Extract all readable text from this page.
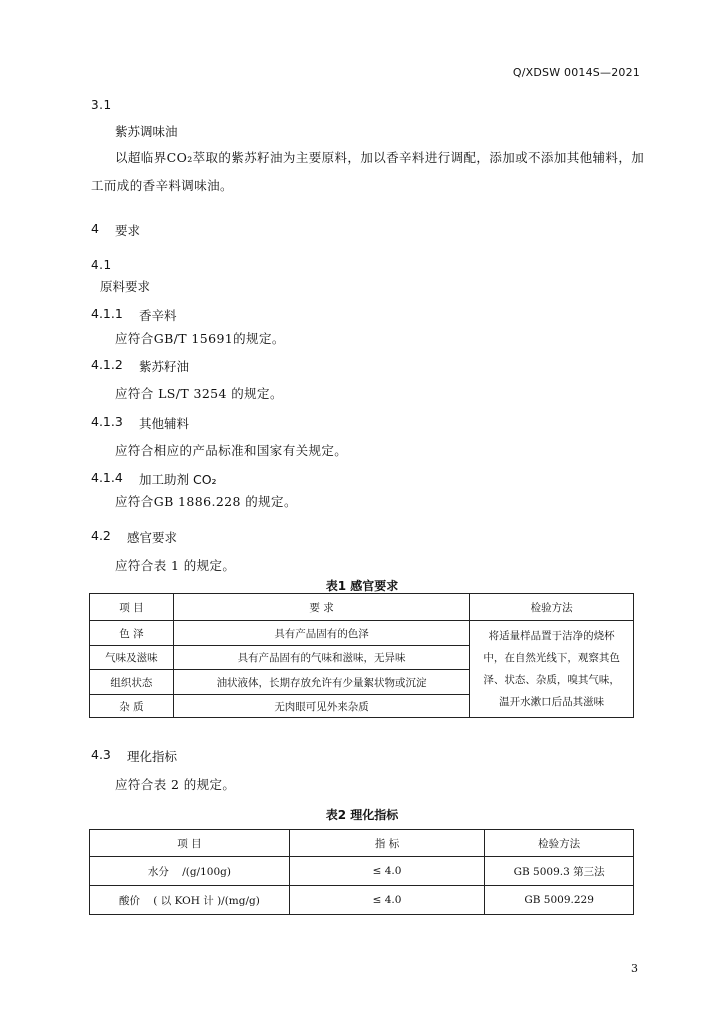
Q/XDSW 0014S—2021
3.1
紫苏调味油
以超临界CO₂萃取的紫苏籽油为主要原料，加以香辛料进行调配，添加或不添加其他辅料，加
工而成的香辛料调味油。
4 要求
4.1
原料要求
4.1.1 香辛料
应符合GB/T 15691的规定。
4.1.2 紫苏籽油
应符合 LS/T 3254 的规定。
4.1.3 其他辅料
应符合相应的产品标准和国家有关规定。
4.1.4 加工助剂 CO₂
应符合GB 1886.228 的规定。
4.2 感官要求
应符合表 1 的规定。
表1 感官要求
项 目	要 求	检验方法
色 泽	具有产品固有的色泽	将适量样品置于洁净的烧杯
中，在自然光线下，观察其色
泽、状态、杂质，嗅其气味，
温开水漱口后品其滋味

气味及滋味	具有产品固有的气味和滋味，无异味	
组织状态	油状液体，长期存放允许有少量絮状物或沉淀	
杂 质	无肉眼可见外来杂质	
4.3 理化指标
应符合表 2 的规定。
表2 理化指标
项 目	指 标	检验方法
水分    /(g/100g)	≤ 4.0	GB 5009.3 第三法
酸价    ( 以 KOH 计 )/(mg/g)	≤ 4.0	GB 5009.229
3
